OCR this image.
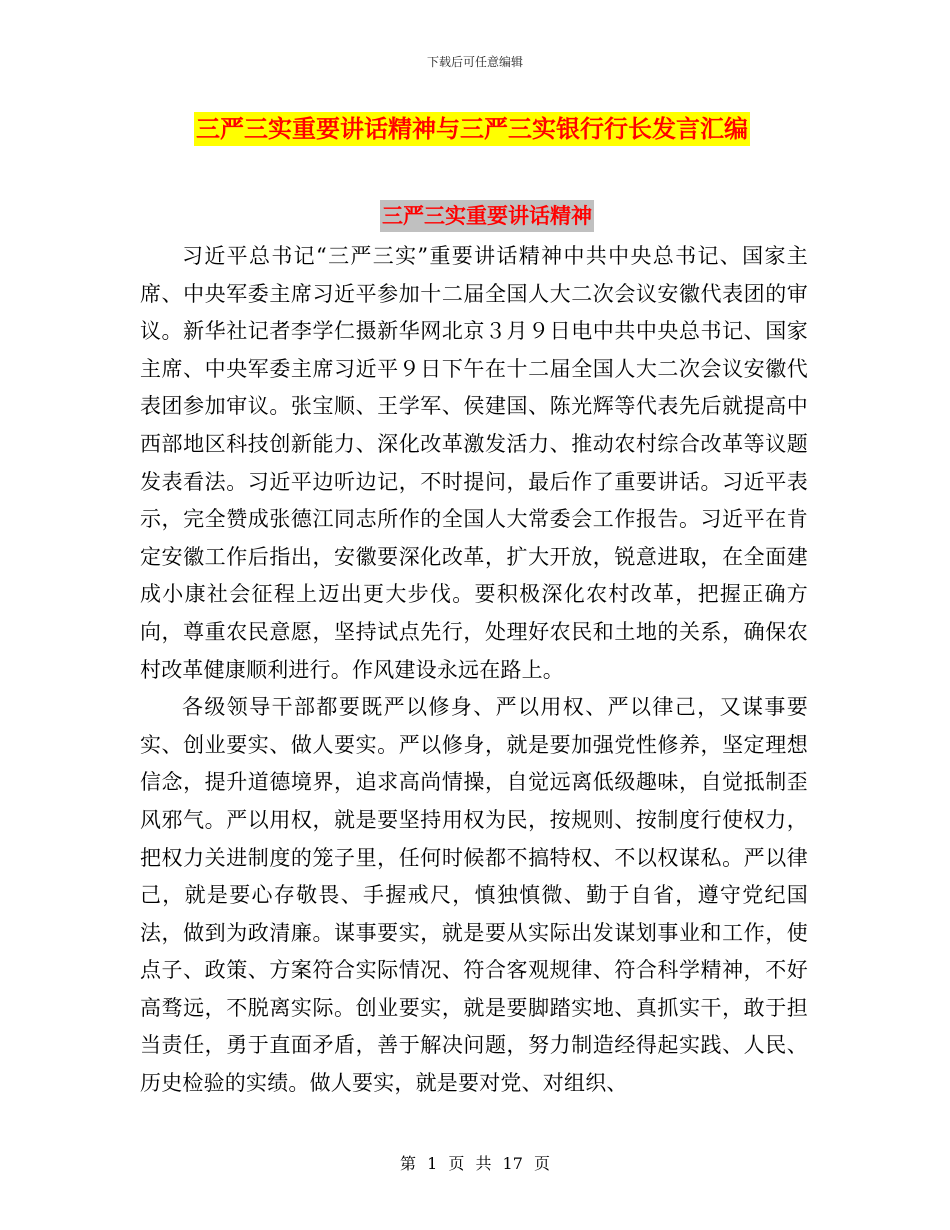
下载后可任意编辑
三严三实重要讲话精神与三严三实银行行长发言汇编
三严三实重要讲话精神

习近平总书记“三严三实”重要讲话精神中共中央总书记、国家主席、中央军委主席习近平参加十二届全国人大二次会议安徽代表团的审议。新华社记者李学仁摄新华网北京３月９日电中共中央总书记、国家主席、中央军委主席习近平９日下午在十二届全国人大二次会议安徽代表团参加审议。张宝顺、王学军、侯建国、陈光辉等代表先后就提高中西部地区科技创新能力、深化改革激发活力、推动农村综合改革等议题发表看法。习近平边听边记，不时提问，最后作了重要讲话。习近平表示，完全赞成张德江同志所作的全国人大常委会工作报告。习近平在肯定安徽工作后指出，安徽要深化改革，扩大开放，锐意进取，在全面建成小康社会征程上迈出更大步伐。要积极深化农村改革，把握正确方向，尊重农民意愿，坚持试点先行，处理好农民和土地的关系，确保农村改革健康顺利进行。作风建设永远在路上。

各级领导干部都要既严以修身、严以用权、严以律己，又谋事要实、创业要实、做人要实。严以修身，就是要加强党性修养，坚定理想信念，提升道德境界，追求高尚情操，自觉远离低级趣味，自觉抵制歪风邪气。严以用权，就是要坚持用权为民，按规则、按制度行使权力，把权力关进制度的笼子里，任何时候都不搞特权、不以权谋私。严以律己，就是要心存敬畏、手握戒尺，慎独慎微、勤于自省，遵守党纪国法，做到为政清廉。谋事要实，就是要从实际出发谋划事业和工作，使点子、政策、方案符合实际情况、符合客观规律、符合科学精神，不好高骛远，不脱离实际。创业要实，就是要脚踏实地、真抓实干，敢于担当责任，勇于直面矛盾，善于解决问题，努力制造经得起实践、人民、历史检验的实绩。做人要实，就是要对党、对组织、

第 1 页 共 17 页
